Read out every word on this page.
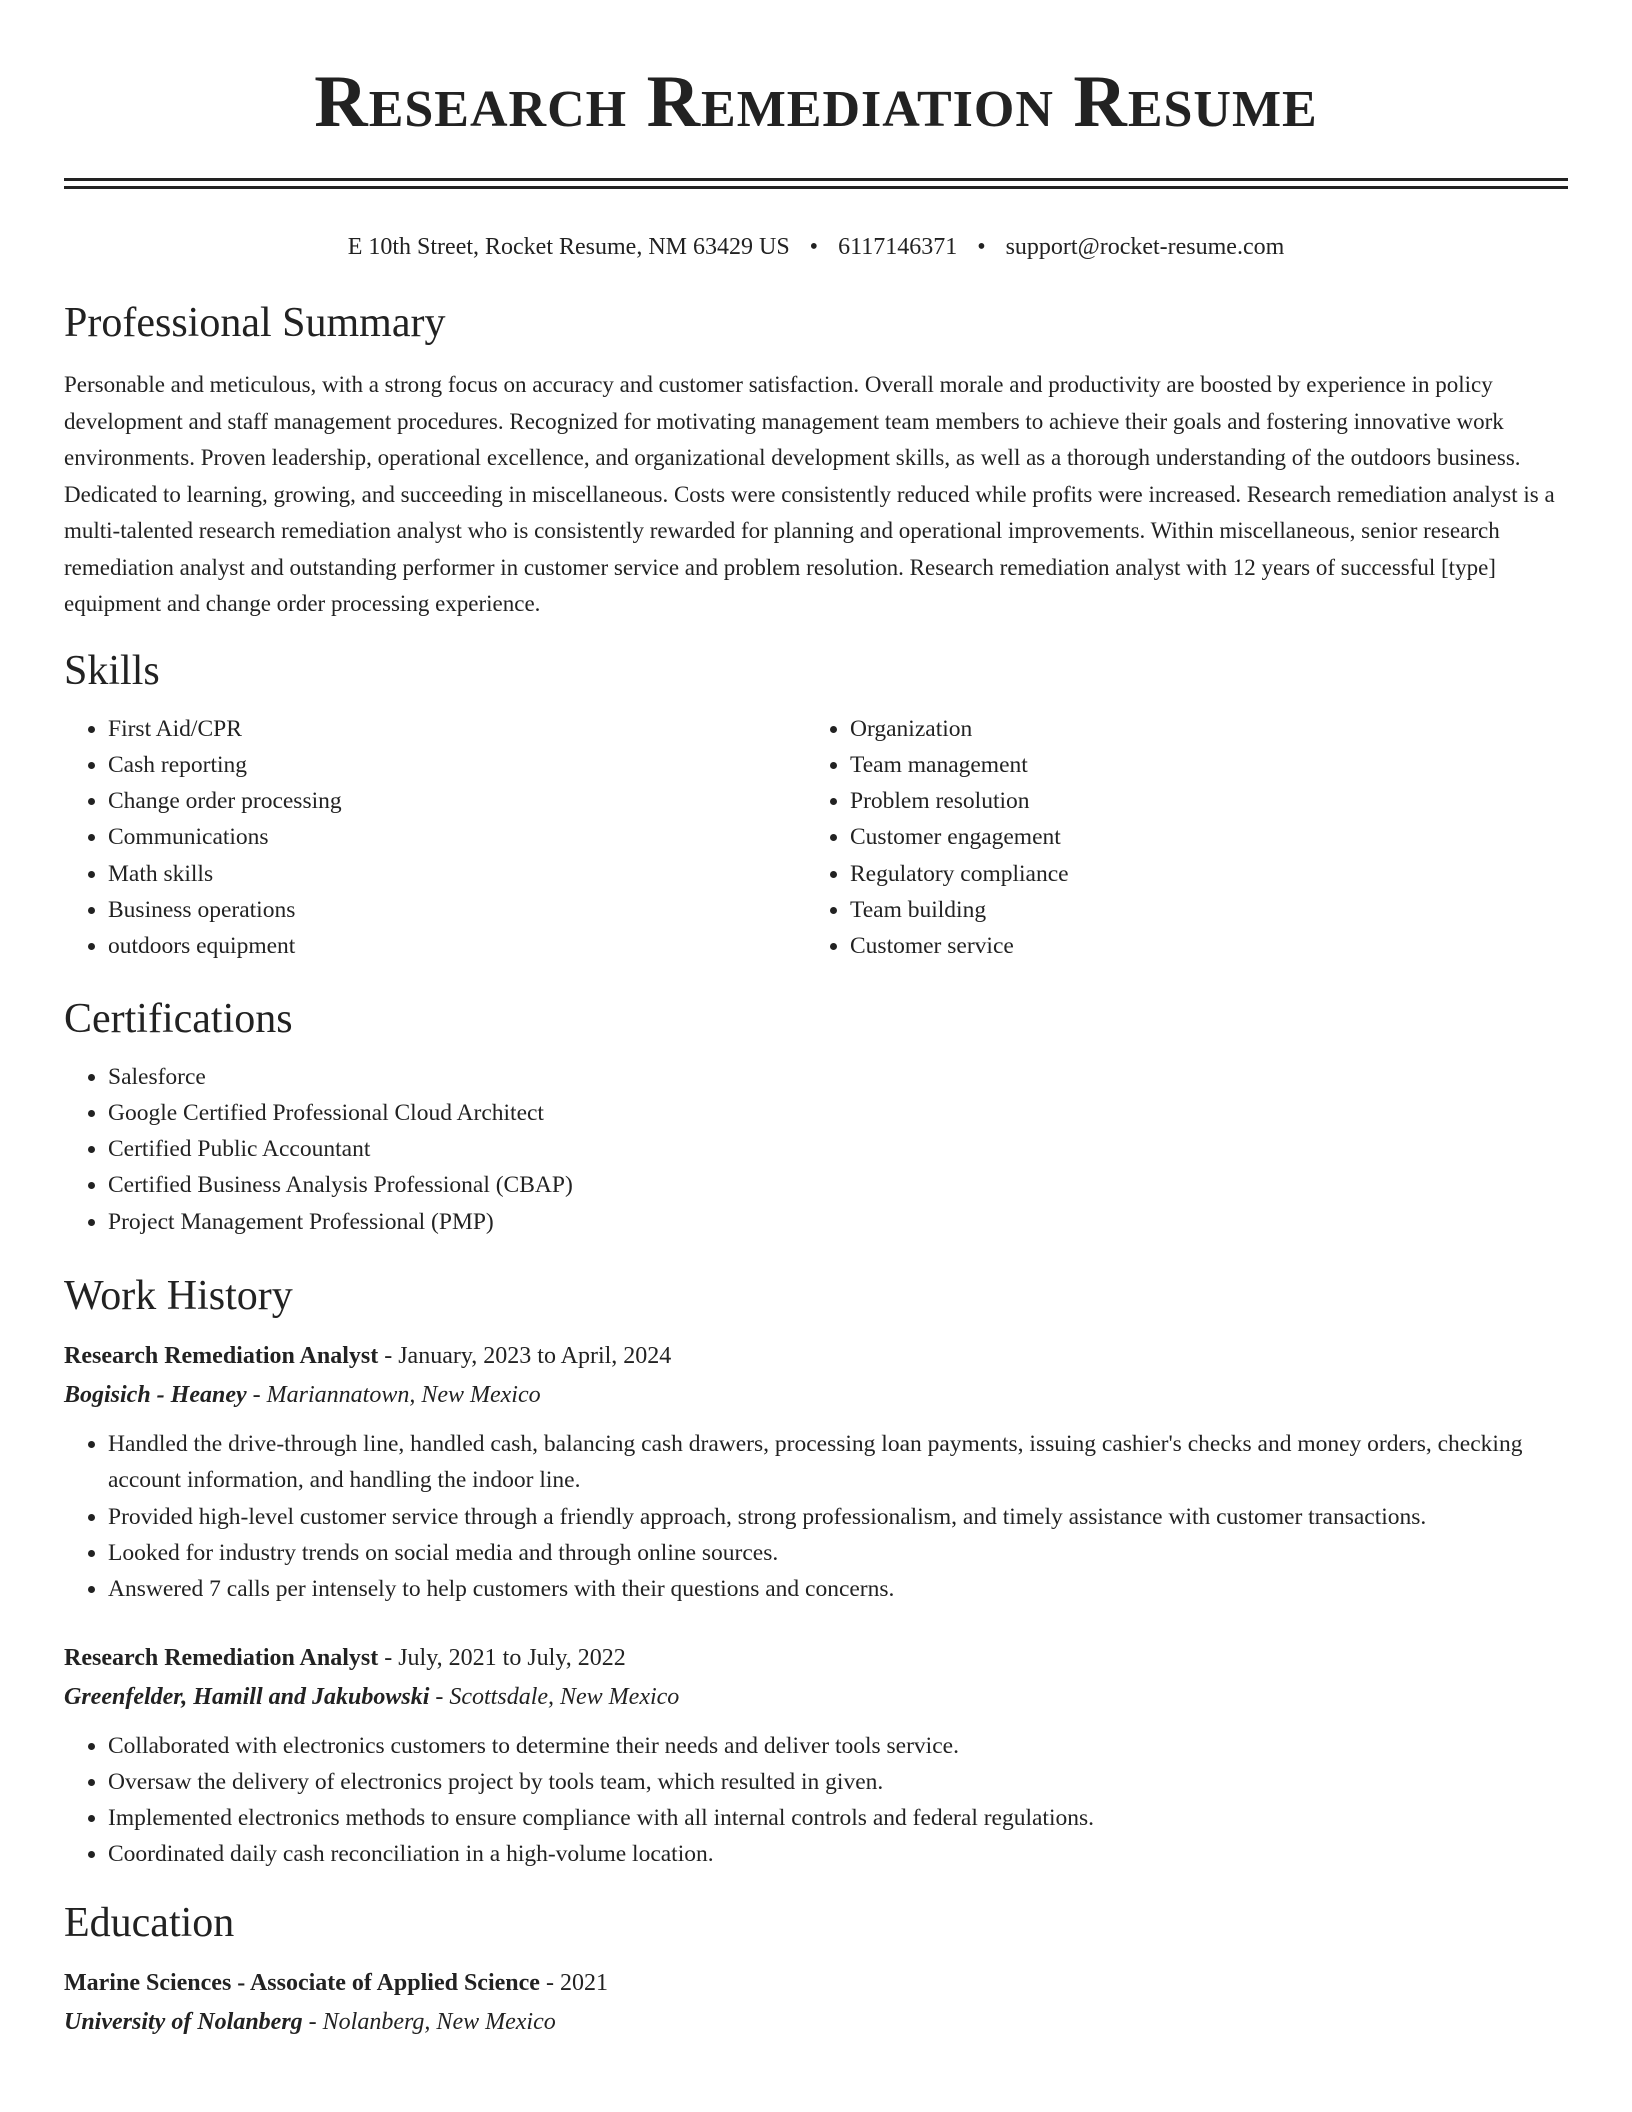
Research Remediation Resume
E 10th Street, Rocket Resume, NM 63429 US • 6117146371 • support@rocket-resume.com
Professional Summary

Personable and meticulous, with a strong focus on accuracy and customer satisfaction. Overall morale and productivity are boosted by experience in policy development and staff management procedures. Recognized for motivating management team members to achieve their goals and fostering innovative work environments. Proven leadership, operational excellence, and organizational development skills, as well as a thorough understanding of the outdoors business. Dedicated to learning, growing, and succeeding in miscellaneous. Costs were consistently reduced while profits were increased. Research remediation analyst is a multi-talented research remediation analyst who is consistently rewarded for planning and operational improvements. Within miscellaneous, senior research remediation analyst and outstanding performer in customer service and problem resolution. Research remediation analyst with 12 years of successful [type] equipment and change order processing experience.

Skills
• First Aid/CPR
• Cash reporting
• Change order processing
• Communications
• Math skills
• Business operations
• outdoors equipment
• Organization
• Team management
• Problem resolution
• Customer engagement
• Regulatory compliance
• Team building
• Customer service
Certifications
• Salesforce
• Google Certified Professional Cloud Architect
• Certified Public Accountant
• Certified Business Analysis Professional (CBAP)
• Project Management Professional (PMP)
Work History
Research Remediation Analyst - January, 2023 to April, 2024
Bogisich - Heaney - Mariannatown, New Mexico
• Handled the drive-through line, handled cash, balancing cash drawers, processing loan payments, issuing cashier's checks and money orders, checking account information, and handling the indoor line.
• Provided high-level customer service through a friendly approach, strong professionalism, and timely assistance with customer transactions.
• Looked for industry trends on social media and through online sources.
• Answered 7 calls per intensely to help customers with their questions and concerns.
Research Remediation Analyst - July, 2021 to July, 2022
Greenfelder, Hamill and Jakubowski - Scottsdale, New Mexico
• Collaborated with electronics customers to determine their needs and deliver tools service.
• Oversaw the delivery of electronics project by tools team, which resulted in given.
• Implemented electronics methods to ensure compliance with all internal controls and federal regulations.
• Coordinated daily cash reconciliation in a high-volume location.
Education
Marine Sciences - Associate of Applied Science - 2021
University of Nolanberg - Nolanberg, New Mexico
